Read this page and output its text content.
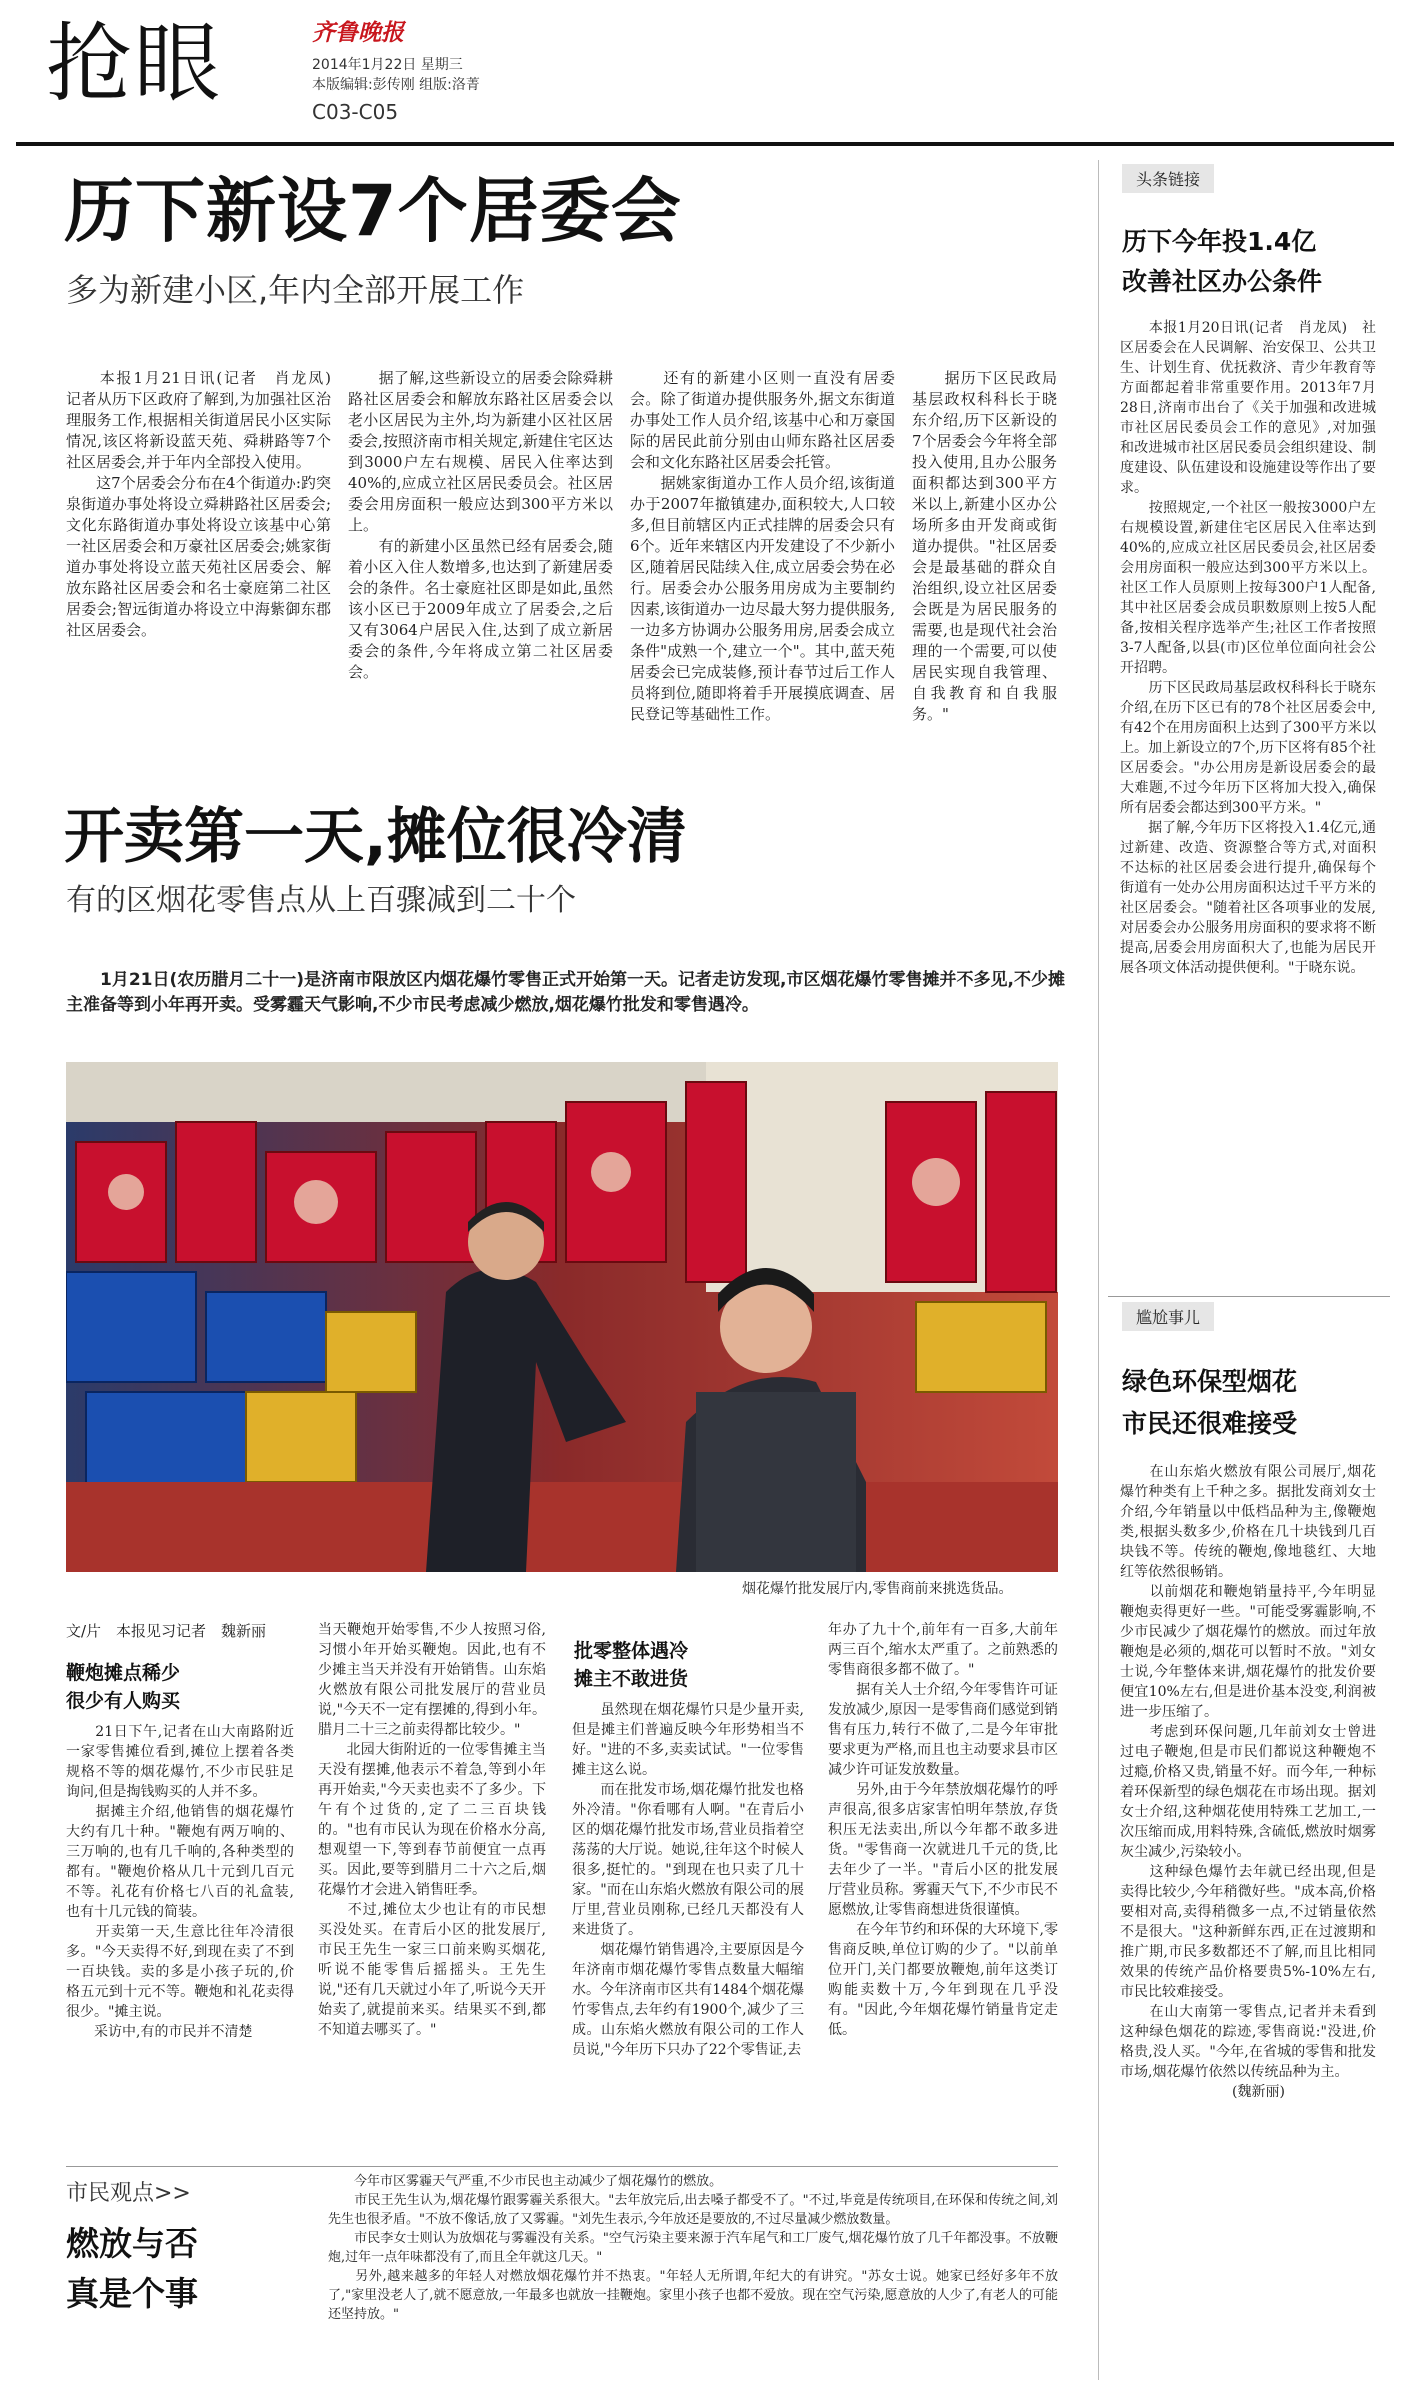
抢眼	齐鲁晚报
2014年1月22日 星期三
本版编辑:彭传刚 组版:洛菁
C03-C05
历下新设7个居委会
多为新建小区,年内全部开展工作
　　本报1月21日讯(记者　肖龙凤)　记者从历下区政府了解到,为加强社区治理服务工作,根据相关街道居民小区实际情况,该区将新设蓝天苑、舜耕路等7个社区居委会,并于年内全部投入使用。
　　这7个居委会分布在4个街道办:趵突泉街道办事处将设立舜耕路社区居委会;文化东路街道办事处将设立该基中心第一社区居委会和万豪社区居委会;姚家街道办事处将设立蓝天苑社区居委会、解放东路社区居委会和名士豪庭第二社区居委会;智远街道办将设立中海紫御东郡社区居委会。
　　据了解,这些新设立的居委会除舜耕路社区居委会和解放东路社区居委会以老小区居民为主外,均为新建小区社区居委会,按照济南市相关规定,新建住宅区达到3000户左右规模、居民入住率达到40%的,应成立社区居民委员会。社区居委会用房面积一般应达到300平方米以上。
　　有的新建小区虽然已经有居委会,随着小区入住人数增多,也达到了新建居委会的条件。名士豪庭社区即是如此,虽然该小区已于2009年成立了居委会,之后又有3064户居民入住,达到了成立新居委会的条件,今年将成立第二社区居委会。
　　还有的新建小区则一直没有居委会。除了街道办提供服务外,据文东街道办事处工作人员介绍,该基中心和万豪国际的居民此前分别由山师东路社区居委会和文化东路社区居委会托管。
　　据姚家街道办工作人员介绍,该街道办于2007年撤镇建办,面积较大,人口较多,但目前辖区内正式挂牌的居委会只有6个。近年来辖区内开发建设了不少新小区,随着居民陆续入住,成立居委会势在必行。居委会办公服务用房成为主要制约因素,该街道办一边尽最大努力提供服务,一边多方协调办公服务用房,居委会成立条件"成熟一个,建立一个"。其中,蓝天苑居委会已完成装修,预计春节过后工作人员将到位,随即将着手开展摸底调查、居民登记等基础性工作。
　　据历下区民政局基层政权科科长于晓东介绍,历下区新设的7个居委会今年将全部投入使用,且办公服务面积都达到300平方米以上,新建小区办公场所多由开发商或街道办提供。"社区居委会是最基础的群众自治组织,设立社区居委会既是为居民服务的需要,也是现代社会治理的一个需要,可以使居民实现自我管理、自我教育和自我服务。"
头条链接
历下今年投1.4亿
改善社区办公条件
　　本报1月20日讯(记者　肖龙凤)　社区居委会在人民调解、治安保卫、公共卫生、计划生育、优抚救济、青少年教育等方面都起着非常重要作用。2013年7月28日,济南市出台了《关于加强和改进城市社区居民委员会工作的意见》,对加强和改进城市社区居民委员会组织建设、制度建设、队伍建设和设施建设等作出了要求。
　　按照规定,一个社区一般按3000户左右规模设置,新建住宅区居民入住率达到40%的,应成立社区居民委员会,社区居委会用房面积一般应达到300平方米以上。社区工作人员原则上按每300户1人配备,其中社区居委会成员职数原则上按5人配备,按相关程序选举产生;社区工作者按照3-7人配备,以县(市)区位单位面向社会公开招聘。
　　历下区民政局基层政权科科长于晓东介绍,在历下区已有的78个社区居委会中,有42个在用房面积上达到了300平方米以上。加上新设立的7个,历下区将有85个社区居委会。"办公用房是新设居委会的最大难题,不过今年历下区将加大投入,确保所有居委会都达到300平方米。"
　　据了解,今年历下区将投入1.4亿元,通过新建、改造、资源整合等方式,对面积不达标的社区居委会进行提升,确保每个街道有一处办公用房面积达过千平方米的社区居委会。"随着社区各项事业的发展,对居委会办公服务用房面积的要求将不断提高,居委会用房面积大了,也能为居民开展各项文体活动提供便利。"于晓东说。
开卖第一天,摊位很冷清
有的区烟花零售点从上百骤减到二十个
　　1月21日(农历腊月二十一)是济南市限放区内烟花爆竹零售正式开始第一天。记者走访发现,市区烟花爆竹零售摊并不多见,不少摊主准备等到小年再开卖。受雾霾天气影响,不少市民考虑减少燃放,烟花爆竹批发和零售遇冷。
烟花爆竹批发展厅内,零售商前来挑选货品。
文/片　本报见习记者　魏新丽
鞭炮摊点稀少
很少有人购买
　　21日下午,记者在山大南路附近一家零售摊位看到,摊位上摆着各类规格不等的烟花爆竹,不少市民驻足询问,但是掏钱购买的人并不多。
　　据摊主介绍,他销售的烟花爆竹大约有几十种。"鞭炮有两万响的、三万响的,也有几千响的,各种类型的都有。"鞭炮价格从几十元到几百元不等。礼花有价格七八百的礼盒装,也有十几元钱的简装。
　　开卖第一天,生意比往年冷清很多。"今天卖得不好,到现在卖了不到一百块钱。卖的多是小孩子玩的,价格五元到十元不等。鞭炮和礼花卖得很少。"摊主说。
　　采访中,有的市民并不清楚
当天鞭炮开始零售,不少人按照习俗,习惯小年开始买鞭炮。因此,也有不少摊主当天并没有开始销售。山东焰火燃放有限公司批发展厅的营业员说,"今天不一定有摆摊的,得到小年。腊月二十三之前卖得都比较少。"
　　北园大街附近的一位零售摊主当天没有摆摊,他表示不着急,等到小年再开始卖,"今天卖也卖不了多少。下午有个过货的,定了二三百块钱的。"也有市民认为现在价格水分高,想观望一下,等到春节前便宜一点再买。因此,要等到腊月二十六之后,烟花爆竹才会进入销售旺季。
　　不过,摊位太少也让有的市民想买没处买。在青后小区的批发展厅,市民王先生一家三口前来购买烟花,听说不能零售后摇摇头。王先生说,"还有几天就过小年了,听说今天开始卖了,就提前来买。结果买不到,都不知道去哪买了。"
批零整体遇冷
摊主不敢进货
　　虽然现在烟花爆竹只是少量开卖,但是摊主们普遍反映今年形势相当不好。"进的不多,卖卖试试。"一位零售摊主这么说。
　　而在批发市场,烟花爆竹批发也格外冷清。"你看哪有人啊。"在青后小区的烟花爆竹批发市场,营业员指着空荡荡的大厅说。她说,往年这个时候人很多,挺忙的。"到现在也只卖了几十家。"而在山东焰火燃放有限公司的展厅里,营业员刚称,已经几天都没有人来进货了。
　　烟花爆竹销售遇冷,主要原因是今年济南市烟花爆竹零售点数量大幅缩水。今年济南市区共有1484个烟花爆竹零售点,去年约有1900个,减少了三成。山东焰火燃放有限公司的工作人员说,"今年历下只办了22个零售证,去
年办了九十个,前年有一百多,大前年两三百个,缩水太严重了。之前熟悉的零售商很多都不做了。"
　　据有关人士介绍,今年零售许可证发放减少,原因一是零售商们感觉到销售有压力,转行不做了,二是今年审批要求更为严格,而且也主动要求县市区减少许可证发放数量。
　　另外,由于今年禁放烟花爆竹的呼声很高,很多店家害怕明年禁放,存货积压无法卖出,所以今年都不敢多进货。"零售商一次就进几千元的货,比去年少了一半。"青后小区的批发展厅营业员称。雾霾天气下,不少市民不愿燃放,让零售商想进货很谨慎。
　　在今年节约和环保的大环境下,零售商反映,单位订购的少了。"以前单位开门,关门都要放鞭炮,前年这类订购能卖数十万,今年到现在几乎没有。"因此,今年烟花爆竹销量肯定走低。
尴尬事儿
绿色环保型烟花
市民还很难接受
　　在山东焰火燃放有限公司展厅,烟花爆竹种类有上千种之多。据批发商刘女士介绍,今年销量以中低档品种为主,像鞭炮类,根据头数多少,价格在几十块钱到几百块钱不等。传统的鞭炮,像地毯红、大地红等依然很畅销。
　　以前烟花和鞭炮销量持平,今年明显鞭炮卖得更好一些。"可能受雾霾影响,不少市民减少了烟花爆竹的燃放。而过年放鞭炮是必须的,烟花可以暂时不放。"刘女士说,今年整体来讲,烟花爆竹的批发价要便宜10%左右,但是进价基本没变,利润被进一步压缩了。
　　考虑到环保问题,几年前刘女士曾进过电子鞭炮,但是市民们都说这种鞭炮不过瘾,价格又贵,销量不好。而今年,一种标着环保新型的绿色烟花在市场出现。据刘女士介绍,这种烟花使用特殊工艺加工,一次压缩而成,用料特殊,含硫低,燃放时烟雾灰尘减少,污染较小。
　　这种绿色爆竹去年就已经出现,但是卖得比较少,今年稍微好些。"成本高,价格要相对高,卖得稍微多一点,不过销量依然不是很大。"这种新鲜东西,正在过渡期和推广期,市民多数都还不了解,而且比相同效果的传统产品价格要贵5%-10%左右,市民比较难接受。
　　在山大南第一零售点,记者并未看到这种绿色烟花的踪迹,零售商说:"没进,价格贵,没人买。"今年,在省城的零售和批发市场,烟花爆竹依然以传统品种为主。
　　　　　　　　(魏新丽)
市民观点>>
燃放与否
真是个事
　　今年市区雾霾天气严重,不少市民也主动减少了烟花爆竹的燃放。
　　市民王先生认为,烟花爆竹跟雾霾关系很大。"去年放完后,出去嗓子都受不了。"不过,毕竟是传统项目,在环保和传统之间,刘先生也很矛盾。"不放不像话,放了又雾霾。"刘先生表示,今年放还是要放的,不过尽量减少燃放数量。
　　市民李女士则认为放烟花与雾霾没有关系。"空气污染主要来源于汽车尾气和工厂废气,烟花爆竹放了几千年都没事。不放鞭炮,过年一点年味都没有了,而且全年就这几天。"
　　另外,越来越多的年轻人对燃放烟花爆竹并不热衷。"年轻人无所谓,年纪大的有讲究。"苏女士说。她家已经好多年不放了,"家里没老人了,就不愿意放,一年最多也就放一挂鞭炮。家里小孩子也都不爱放。现在空气污染,愿意放的人少了,有老人的可能还坚持放。"
